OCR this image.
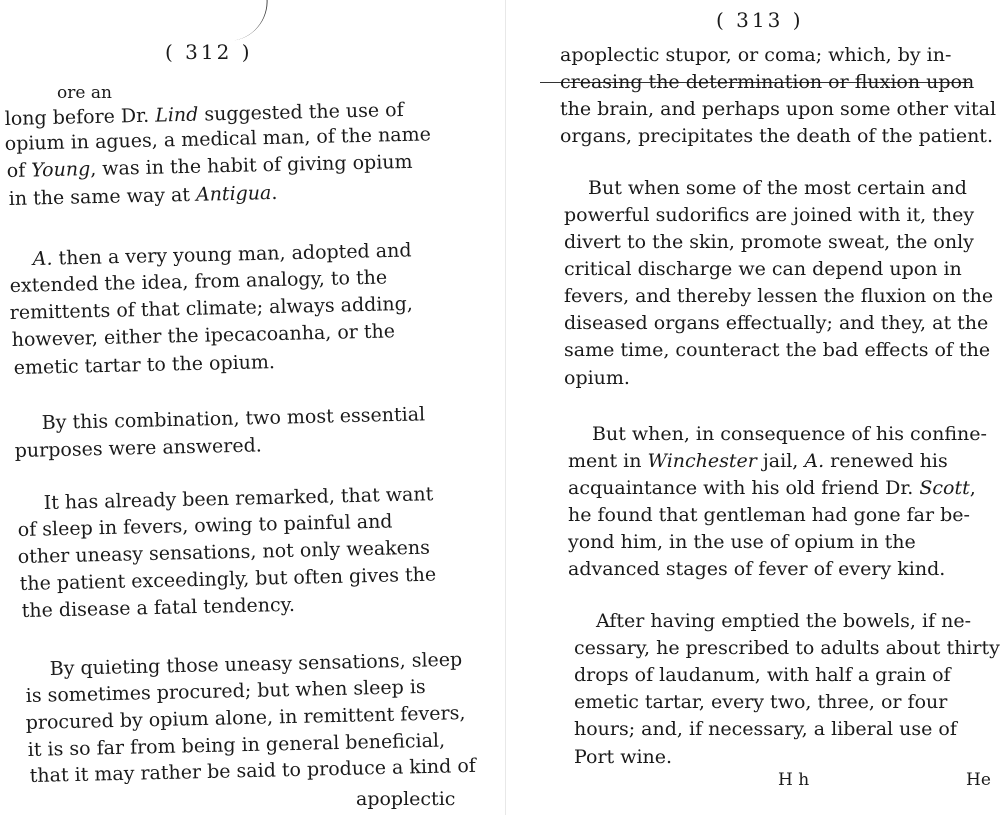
( 312 )
ore an
long before Dr. Lind suggested the use of
opium in agues, a medical man, of the name
of Young, was in the habit of giving opium
in the same way at Antigua.
A. then a very young man, adopted and
extended the idea, from analogy, to the
remittents of that climate; always adding,
however, either the ipecacoanha, or the
emetic tartar to the opium.
By this combination, two most essential
purposes were answered.
It has already been remarked, that want
of sleep in fevers, owing to painful and
other uneasy sensations, not only weakens
the patient exceedingly, but often gives the
the disease a fatal tendency.
By quieting those uneasy sensations, sleep
is sometimes procured; but when sleep is
procured by opium alone, in remittent fevers,
it is so far from being in general beneficial,
that it may rather be said to produce a kind of
apoplectic
( 313 )
apoplectic stupor, or coma; which, by in-
creasing the determination or fluxion upon
the brain, and perhaps upon some other vital
organs, precipitates the death of the patient.
But when some of the most certain and
powerful sudorifics are joined with it, they
divert to the skin, promote sweat, the only
critical discharge we can depend upon in
fevers, and thereby lessen the fluxion on the
diseased organs effectually; and they, at the
same time, counteract the bad effects of the
opium.
But when, in consequence of his confine-
ment in Winchester jail, A. renewed his
acquaintance with his old friend Dr. Scott,
he found that gentleman had gone far be-
yond him, in the use of opium in the
advanced stages of fever of every kind.
After having emptied the bowels, if ne-
cessary, he prescribed to adults about thirty
drops of laudanum, with half a grain of
emetic tartar, every two, three, or four
hours; and, if necessary, a liberal use of
Port wine.
H h	He
